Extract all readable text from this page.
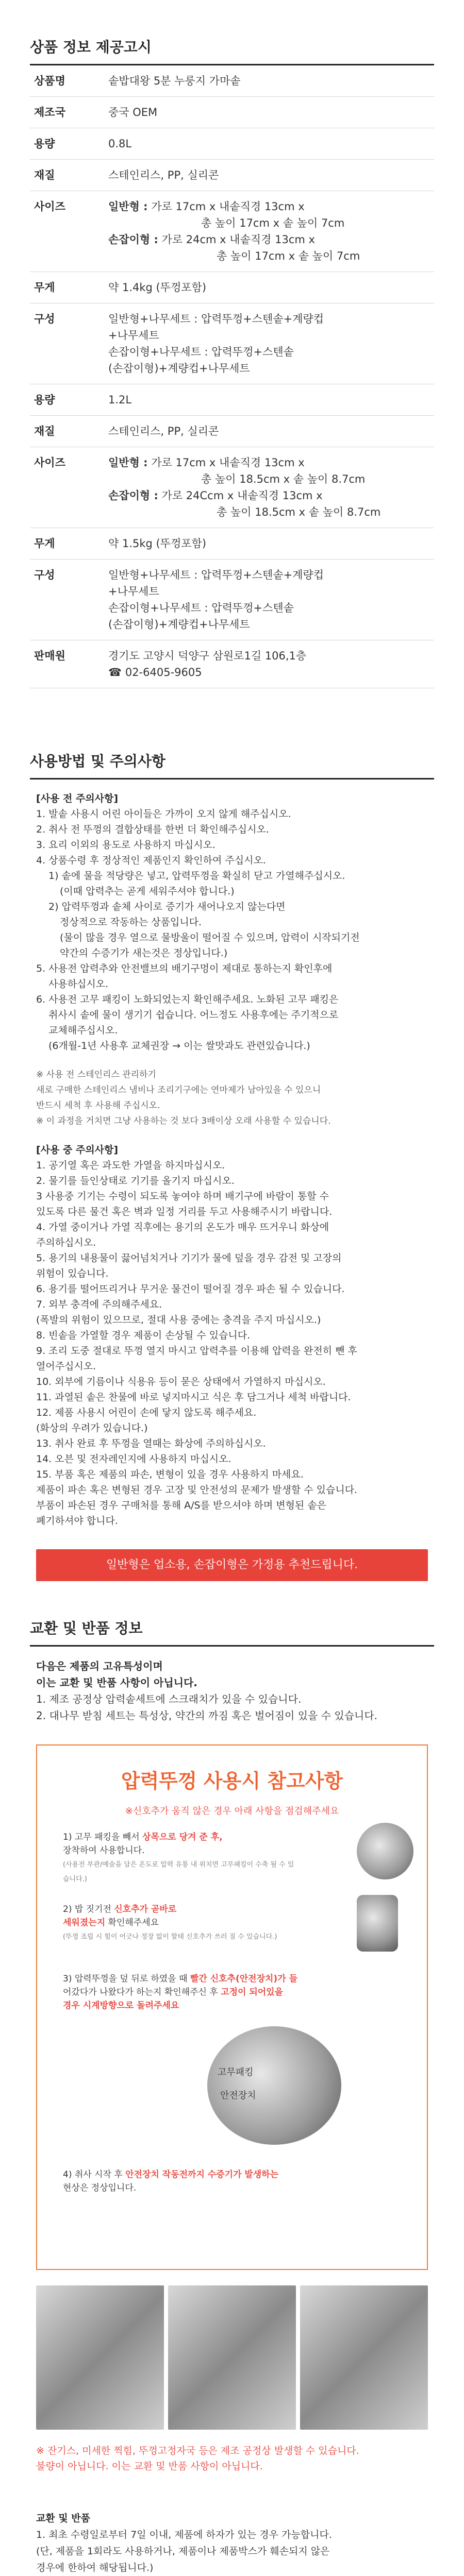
상품 정보 제공고시
상품명	솥밥대왕 5분 누룽지 가마솥

제조국	중국 OEM

용량	0.8L

재질	스테인리스, PP, 실리콘

사이즈	일반형 : 가로 17cm x 내솥직경 13cm x
총 높이 17cm x 솥 높이 7cm
손잡이형 : 가로 24cm x 내솥직경 13cm x
총 높이 17cm x 솥 높이 7cm

무게	약 1.4kg (뚜껑포함)

구성	일반형+나무세트 : 압력뚜껑+스텐솥+계량컵
+나무세트
손잡이형+나무세트 : 압력뚜껑+스텐솥
(손잡이형)+계량컵+나무세트

용량	1.2L

재질	스테인리스, PP, 실리콘

사이즈	일반형 : 가로 17cm x 내솥직경 13cm x
총 높이 18.5cm x 솥 높이 8.7cm
손잡이형 : 가로 24Ccm x 내솥직경 13cm x
총 높이 18.5cm x 솥 높이 8.7cm

무게	약 1.5kg (뚜껑포함)

구성	일반형+나무세트 : 압력뚜껑+스텐솥+계량컵
+나무세트
손잡이형+나무세트 : 압력뚜껑+스텐솥
(손잡이형)+계량컵+나무세트

판매원	경기도 고양시 덕양구 삼원로1길 106,1층
☎ 02-6405-9605
사용방법 및 주의사항

[사용 전 주의사항]

1. 발솥 사용시 어린 아이들은 가까이 오지 않게 해주십시오.

2. 취사 전 뚜껑의 결합상태를 한번 더 확인해주십시오.

3. 요리 이외의 용도로 사용하지 마십시오.

4. 상품수령 후 정상적인 제품인지 확인하여 주십시오.

1) 솥에 물을 적당량은 넣고, 압력뚜껑을 확실히 닫고 가열해주십시오.

(이때 압력추는 곧게 세워주셔야 합니다.)

2) 압력뚜껑과 솥체 사이로 증기가 새어나오지 않는다면

정상적으로 작동하는 상품입니다.

(물이 많을 경우 열으로 물방울이 떨어질 수 있으며, 압력이 시작되기전

약간의 수증기가 새는것은 정상입니다.)

5. 사용전 압력추와 안전밸브의 배기구멍이 제대로 통하는지 확인후에

사용하십시오.

6. 사용전 고무 패킹이 노화되었는지 확인해주세요. 노화된 고무 패킹은

취사시 솥에 물이 생기기 쉽습니다. 어느정도 사용후에는 주기적으로

교체해주십시오.

(6개월-1년 사용후 교체권장 → 이는 쌀맛과도 관련있습니다.)

※ 사용 전 스테인리스 관리하기

새로 구매한 스테인리스 냄비나 조리기구에는 연마제가 남아있을 수 있으니

반드시 세척 후 사용해 주십시오.

※ 이 과정을 거치면 그냥 사용하는 것 보다 3배이상 오래 사용할 수 있습니다.

[사용 중 주의사항]

1. 공기열 혹은 과도한 가열을 하지마십시오.

2. 물기를 들인상태로 기기를 올기지 마십시오.

3 사용중 기기는 수령이 되도록 놓여야 하며 배기구에 바람이 통할 수

있도록 다른 물건 혹은 벽과 일정 거리를 두고 사용해주시기 바랍니다.

4. 가열 중이거나 가열 직후에는 용기의 온도가 매우 뜨거우니 화상에

주의하십시오.

5. 용기의 내용물이 끓어넘치거나 기기가 물에 덮을 경우 감전 및 고장의

위험이 있습니다.

6. 용기를 떨어뜨리거나 무거운 물건이 떨어질 경우 파손 될 수 있습니다.

7. 외부 충격에 주의해주세요.

(폭발의 위험이 있으므로, 절대 사용 중에는 충격을 주지 마십시오.)

8. 빈솥을 가열할 경우 제품이 손상될 수 있습니다.

9. 조리 도중 절대로 뚜껑 열지 마시고 압력추를 이용해 압력을 완전히 뺀 후

열어주십시오.

10. 외부에 기름이나 식용유 등이 묻은 상태에서 가열하지 마십시오.

11. 과열된 솥은 찬물에 바로 넣지마시고 식은 후 담그거나 세척 바랍니다.

12. 제품 사용시 어린이 손에 닿지 않도록 해주세요.

(화상의 우려가 있습니다.)

13. 취사 완료 후 뚜껑을 열때는 화상에 주의하십시오.

14. 오븐 및 전자레인지에 사용하지 마십시오.

15. 부품 혹은 제품의 파손, 변형이 있을 경우 사용하지 마세요.

제품이 파손 혹은 변형된 경우 고장 및 안전성의 문제가 발생할 수 있습니다.

부품이 파손된 경우 구매처를 통해 A/S를 받으셔야 하며 변형된 솥은

폐기하셔야 합니다.

일반형은 업소용, 손잡이형은 가정용 추천드립니다.
교환 및 반품 정보

다음은 제품의 고유특성이며

이는 교환 및 반품 사항이 아닙니다.

1. 제조 공정상 압력솥세트에 스크래치가 있을 수 있습니다.

2. 대나무 받침 세트는 특성상, 약간의 까짐 혹은 벌어짐이 있을 수 있습니다.

압력뚜껑 사용시 참고사항
※신호추가 움직 않은 경우 아래 사항을 점검해주세요
1) 고무 패킹을 빼서 상목으로 당겨 준 후,
장착하여 사용합니다.
(사용전 부관/예술을 담은 온도로 압력 유통 내 위치면 고무패킹이 수축 될 수 있습니다.)
2) 밥 짓기전 신호추가 곧바로
세워졌는지 확인해주세요
(뚜껑 조립 시 힘이 어긋나 정장 없이 할태 신호추가 쓰러 질 수 있습니다.)
3) 압력뚜껑을 덮 뒤로 하였을 때 빨간 신호추(안전장치)가 들
어갔다가 나왔다가 하는지 확인해주신 후 고정이 되어있을
경우 시계방향으로 돌려주세요
고무패킹
안전장치
4) 취사 시작 후 안전장치 작동전까지 수증기가 발생하는
현상은 정상입니다.

※ 잔기스, 미세한 찍힘, 뚜껑고정자국 등은 제조 공정상 발생할 수 있습니다.

불량이 아닙니다. 이는 교환 및 반품 사항이 아닙니다.

교환 및 반품

1. 최초 수령일로부터 7일 이내, 제품에 하자가 있는 경우 가능합니다.

(단, 제품을 1회라도 사용하거나, 제품이나 제품박스가 훼손되지 않은

경우에 한하여 해당됩니다.)
